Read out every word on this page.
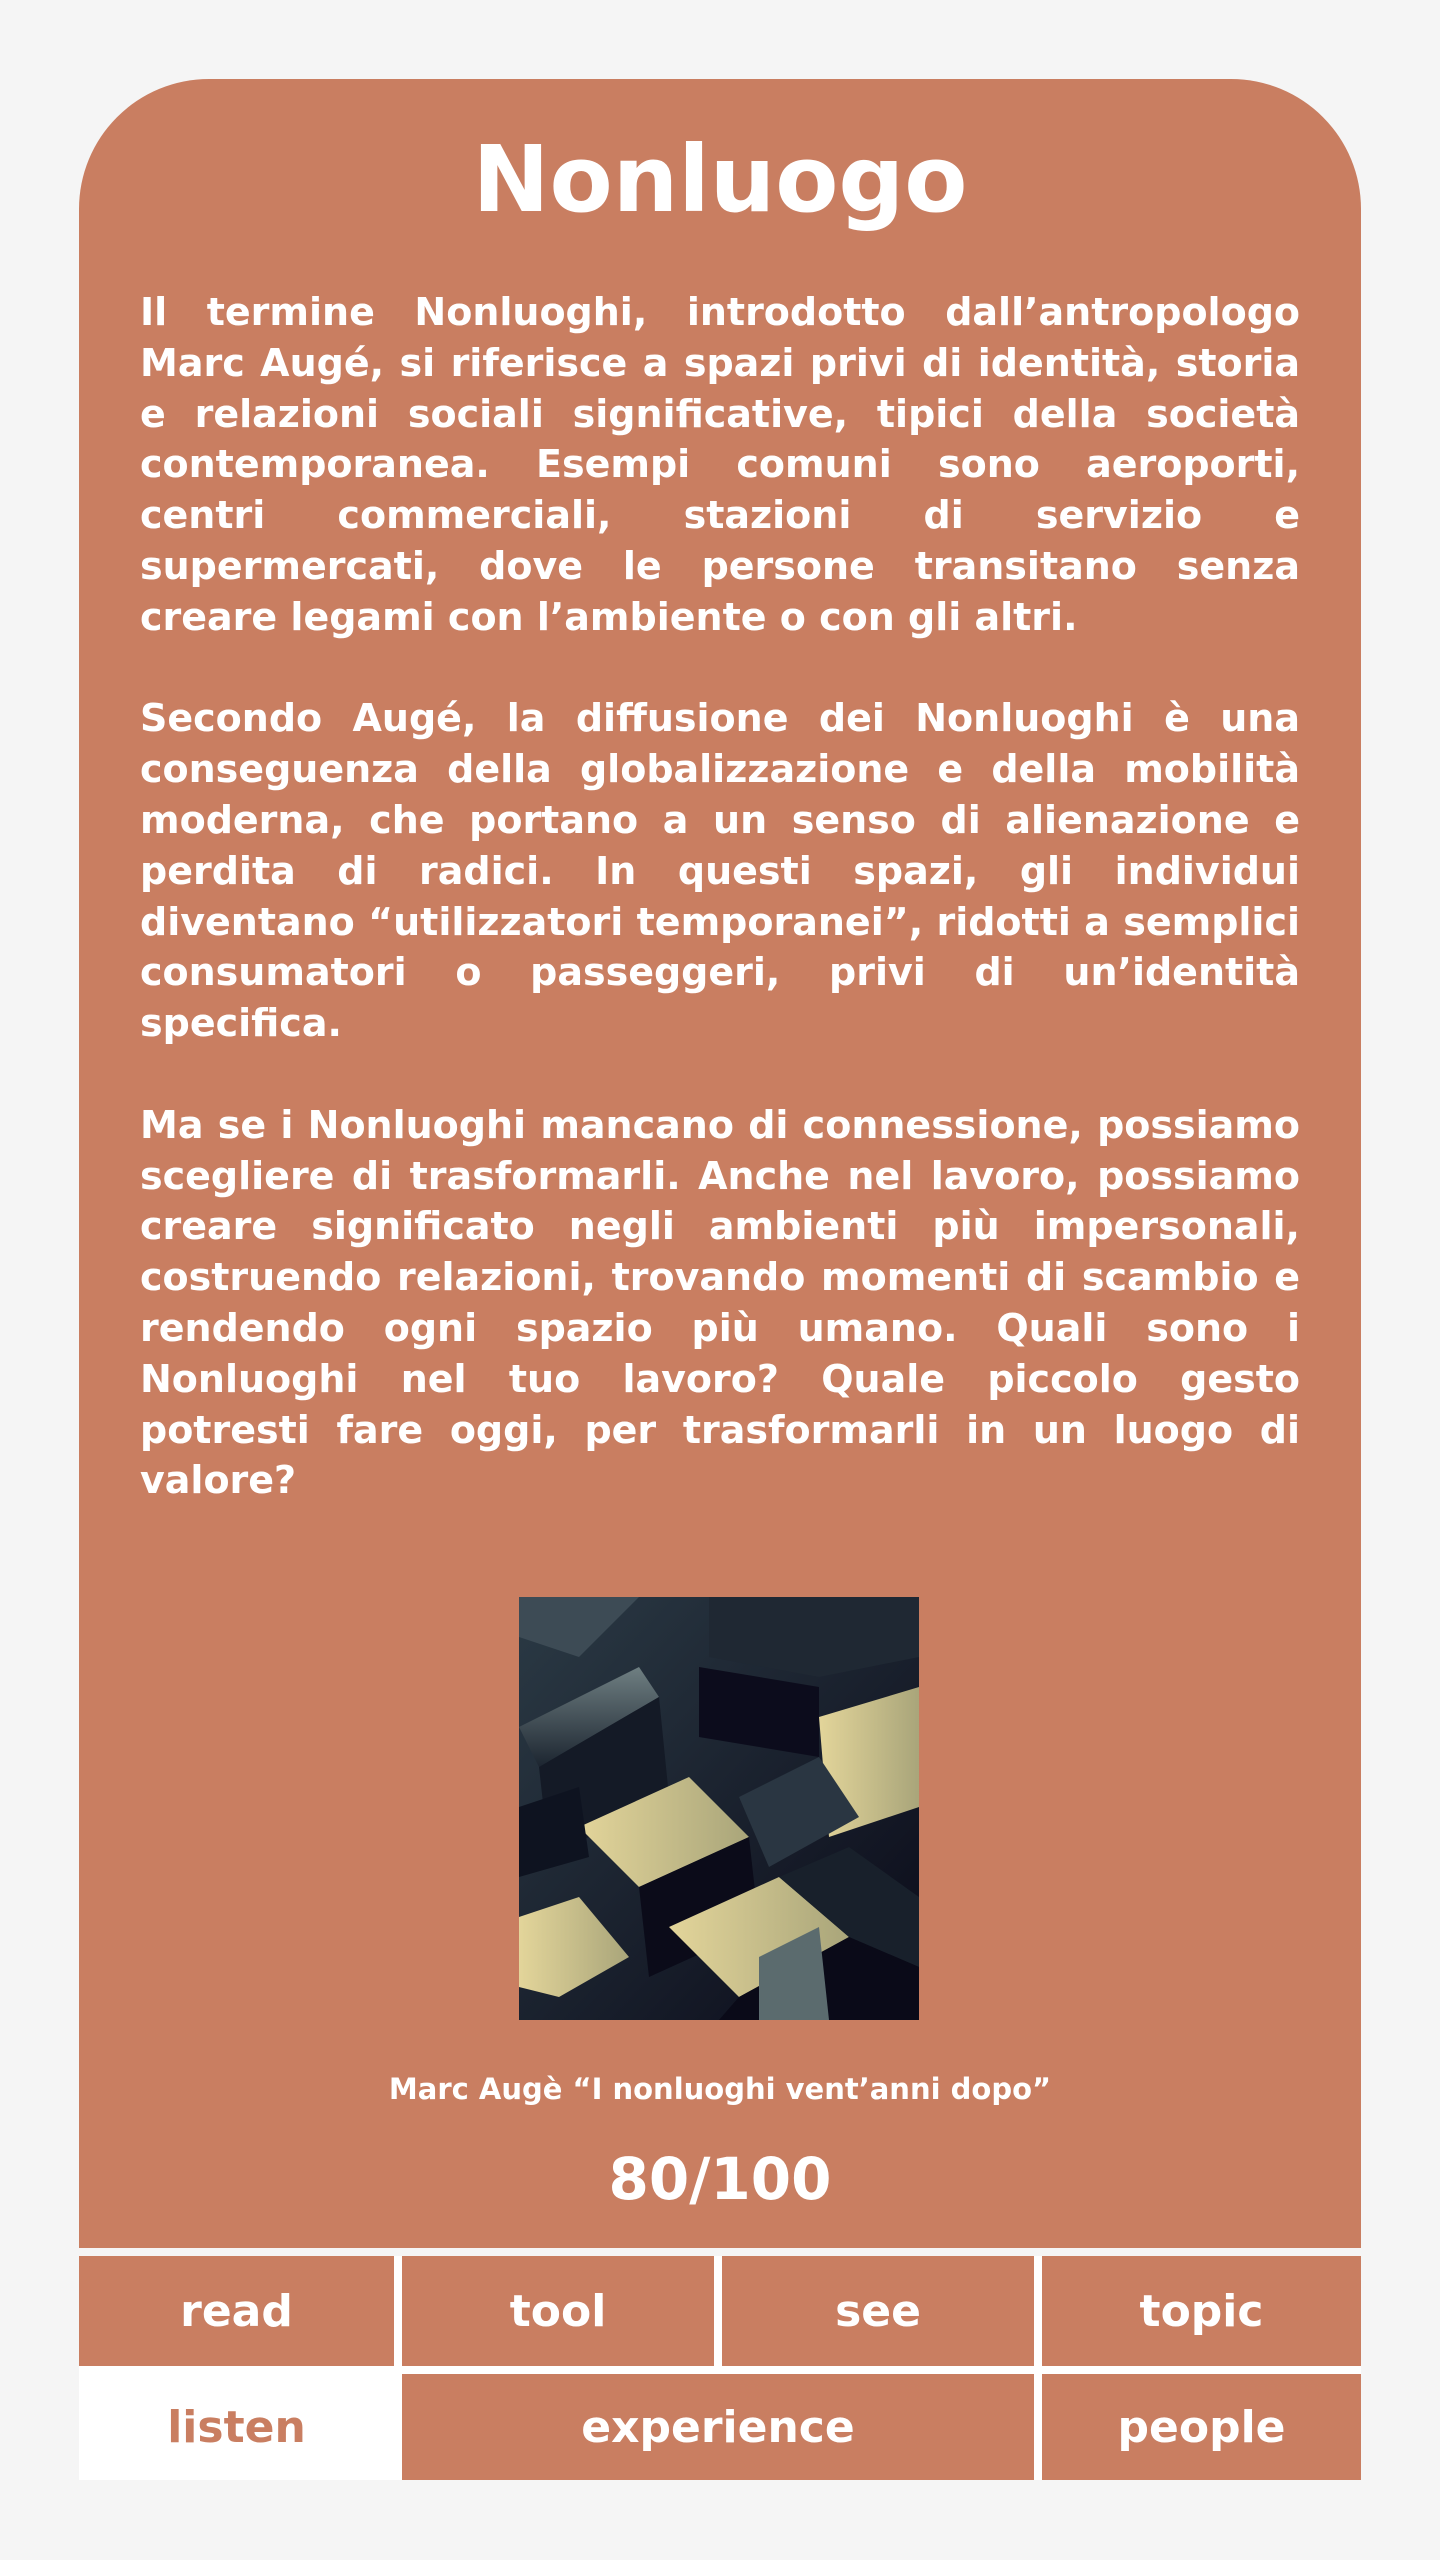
Nonluogo

Il termine Nonluoghi, introdotto dall’antropologo Marc Augé, si riferisce a spazi privi di identità, storia e relazioni sociali significative, tipici della società contemporanea. Esempi comuni sono aeroporti, centri commerciali, stazioni di servizio e supermercati, dove le persone transitano senza creare legami con l’ambiente o con gli altri.

Secondo Augé, la diffusione dei Nonluoghi è una conseguenza della globalizzazione e della mobilità moderna, che portano a un senso di alienazione e perdita di radici. In questi spazi, gli individui diventano “utilizzatori temporanei”, ridotti a semplici consumatori o passeggeri, privi di un’identità specifica.

Ma se i Nonluoghi mancano di connessione, possiamo scegliere di trasformarli. Anche nel lavoro, possiamo creare significato negli ambienti più impersonali, costruendo relazioni, trovando momenti di scambio e rendendo ogni spazio più umano. Quali sono i Nonluoghi nel tuo lavoro? Quale piccolo gesto potresti fare oggi, per trasformarli in un luogo di valore?

Marc Augè “I nonluoghi vent’anni dopo”
80/100
read	tool	see	topic
listen	experience	people
